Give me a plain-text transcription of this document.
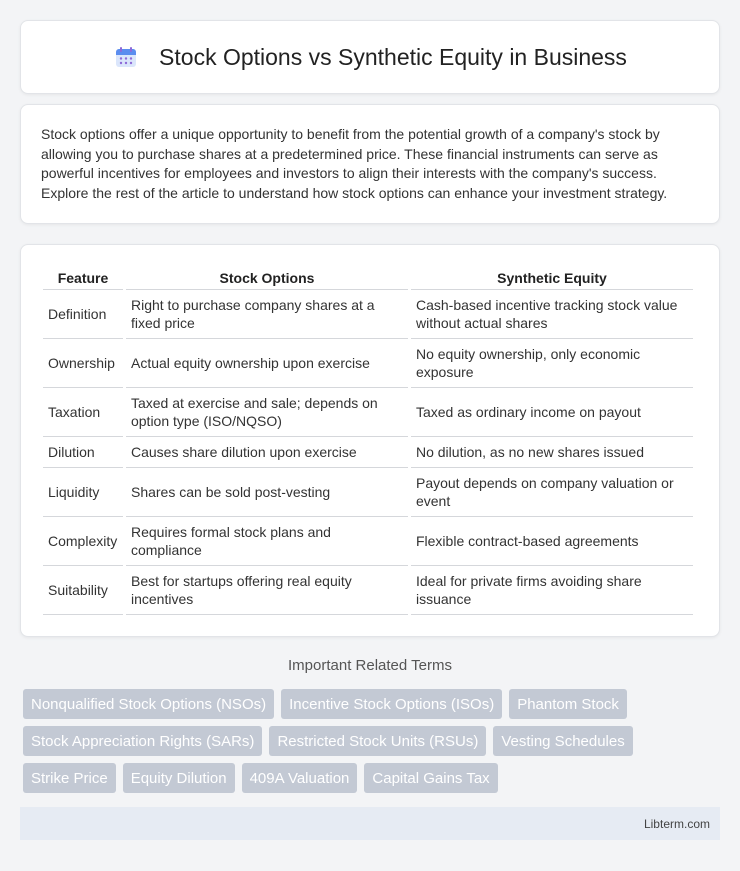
Stock Options vs Synthetic Equity in Business

Stock options offer a unique opportunity to benefit from the potential growth of a company's stock by allowing you to purchase shares at a predetermined price. These financial instruments can serve as powerful incentives for employees and investors to align their interests with the company's success. Explore the rest of the article to understand how stock options can enhance your investment strategy.

Feature	Stock Options	Synthetic Equity
Definition	Right to purchase company shares at a fixed price	Cash-based incentive tracking stock value without actual shares
Ownership	Actual equity ownership upon exercise	No equity ownership, only economic exposure
Taxation	Taxed at exercise and sale; depends on option type (ISO/NQSO)	Taxed as ordinary income on payout
Dilution	Causes share dilution upon exercise	No dilution, as no new shares issued
Liquidity	Shares can be sold post-vesting	Payout depends on company valuation or event
Complexity	Requires formal stock plans and compliance	Flexible contract-based agreements
Suitability	Best for startups offering real equity incentives	Ideal for private firms avoiding share issuance
Important Related Terms
Nonqualified Stock Options (NSOs)	Incentive Stock Options (ISOs)	Phantom Stock
Stock Appreciation Rights (SARs)	Restricted Stock Units (RSUs)	Vesting Schedules
Strike Price	Equity Dilution	409A Valuation	Capital Gains Tax
Libterm.com
